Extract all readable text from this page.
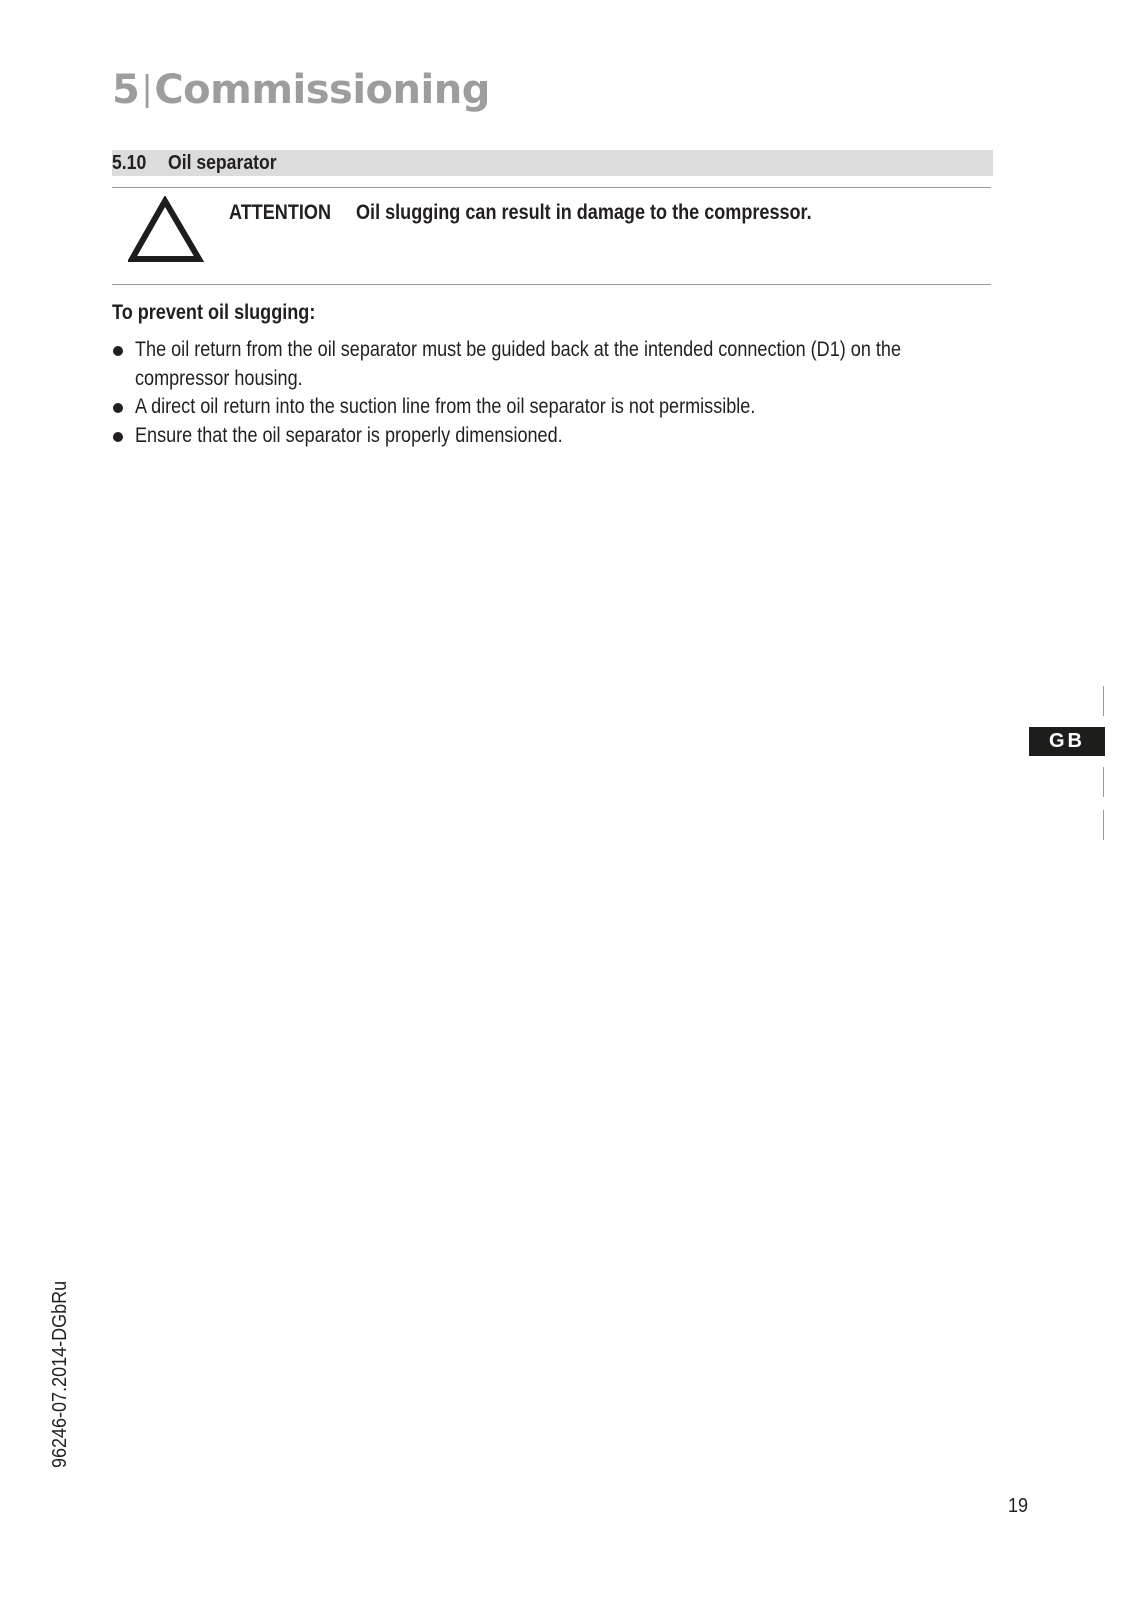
5|Commissioning
5.10 Oil separator
ATTENTION Oil slugging can result in damage to the compressor.
To prevent oil slugging:
The oil return from the oil separator must be guided back at the intended connection (D1) on the
compressor housing.
A direct oil return into the suction line from the oil separator is not permissible.
Ensure that the oil separator is properly dimensioned.
GB
96246-07.2014-DGbRu
19
